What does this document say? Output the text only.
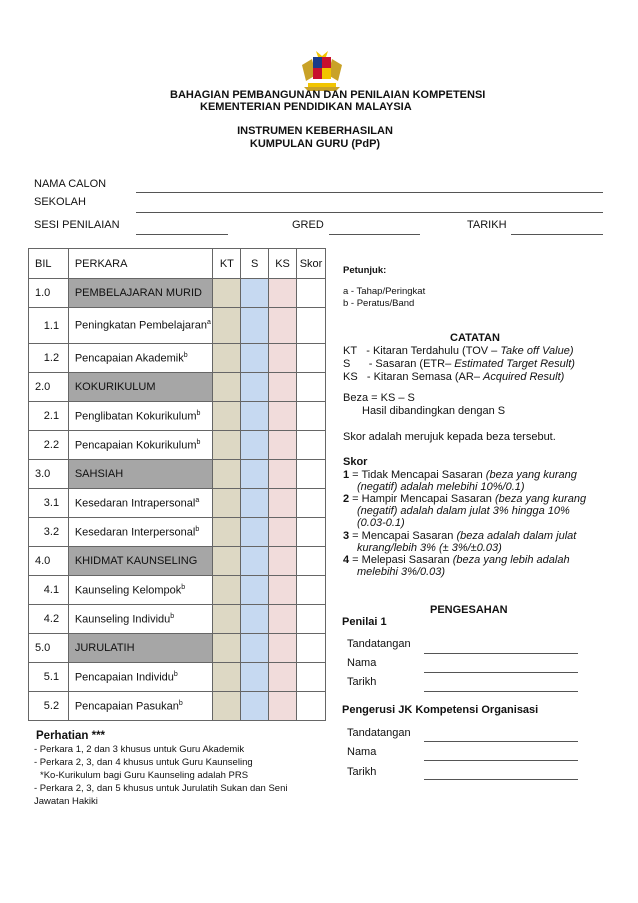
BAHAGIAN PEMBANGUNAN DAN PENILAIAN KOMPETENSI
KEMENTERIAN PENDIDIKAN MALAYSIA
INSTRUMEN KEBERHASILAN
KUMPULAN GURU (PdP)
NAMA CALON
SEKOLAH
SESI PENILAIAN	GRED	TARIKH
BIL	PERKARA	KT	S	KS	Skor
1.0	PEMBELAJARAN MURID				
1.1	Peningkatan Pembelajaran$^a$				
1.2	Pencapaian Akademik$^b$				
2.0	KOKURIKULUM				
2.1	Penglibatan Kokurikulum$^b$				
2.2	Pencapaian Kokurikulum$^b$				
3.0	SAHSIAH				
3.1	Kesedaran Intrapersonal$^a$				
3.2	Kesedaran Interpersonal$^b$				
4.0	KHIDMAT KAUNSELING				
4.1	Kaunseling Kelompok$^b$				
4.2	Kaunseling Individu$^b$				
5.0	JURULATIH				
5.1	Pencapaian Individu$^b$				
5.2	Pencapaian Pasukan$^b$				
Petunjuk:
a - Tahap/Peringkat
b - Peratus/Band
CATATAN
KT - Kitaran Terdahulu (TOV – Take off Value)
S - Sasaran (ETR– Estimated Target Result)
KS - Kitaran Semasa (AR– Acquired Result)
Beza = KS – S
Hasil dibandingkan dengan S
Skor adalah merujuk kepada beza tersebut.
Skor
1 = Tidak Mencapai Sasaran (beza yang kurang
(negatif) adalah melebihi 10%/0.1)
2 = Hampir Mencapai Sasaran (beza yang kurang
(negatif) adalah dalam julat 3% hingga 10%
(0.03-0.1)
3 = Mencapai Sasaran (beza adalah dalam julat
kurang/lebih 3% (± 3%/±0.03)
4 = Melepasi Sasaran (beza yang lebih adalah
melebihi 3%/0.03)
PENGESAHAN
Penilai 1
Tandatangan
Nama
Tarikh
Pengerusi JK Kompetensi Organisasi
Tandatangan
Nama
Tarikh
Perhatian ***
- Perkara 1, 2 dan 3 khusus untuk Guru Akademik
- Perkara 2, 3, dan 4 khusus untuk Guru Kaunseling
*Ko-Kurikulum bagi Guru Kaunseling adalah PRS
- Perkara 2, 3, dan 5 khusus untuk Jurulatih Sukan dan Seni
Jawatan Hakiki
